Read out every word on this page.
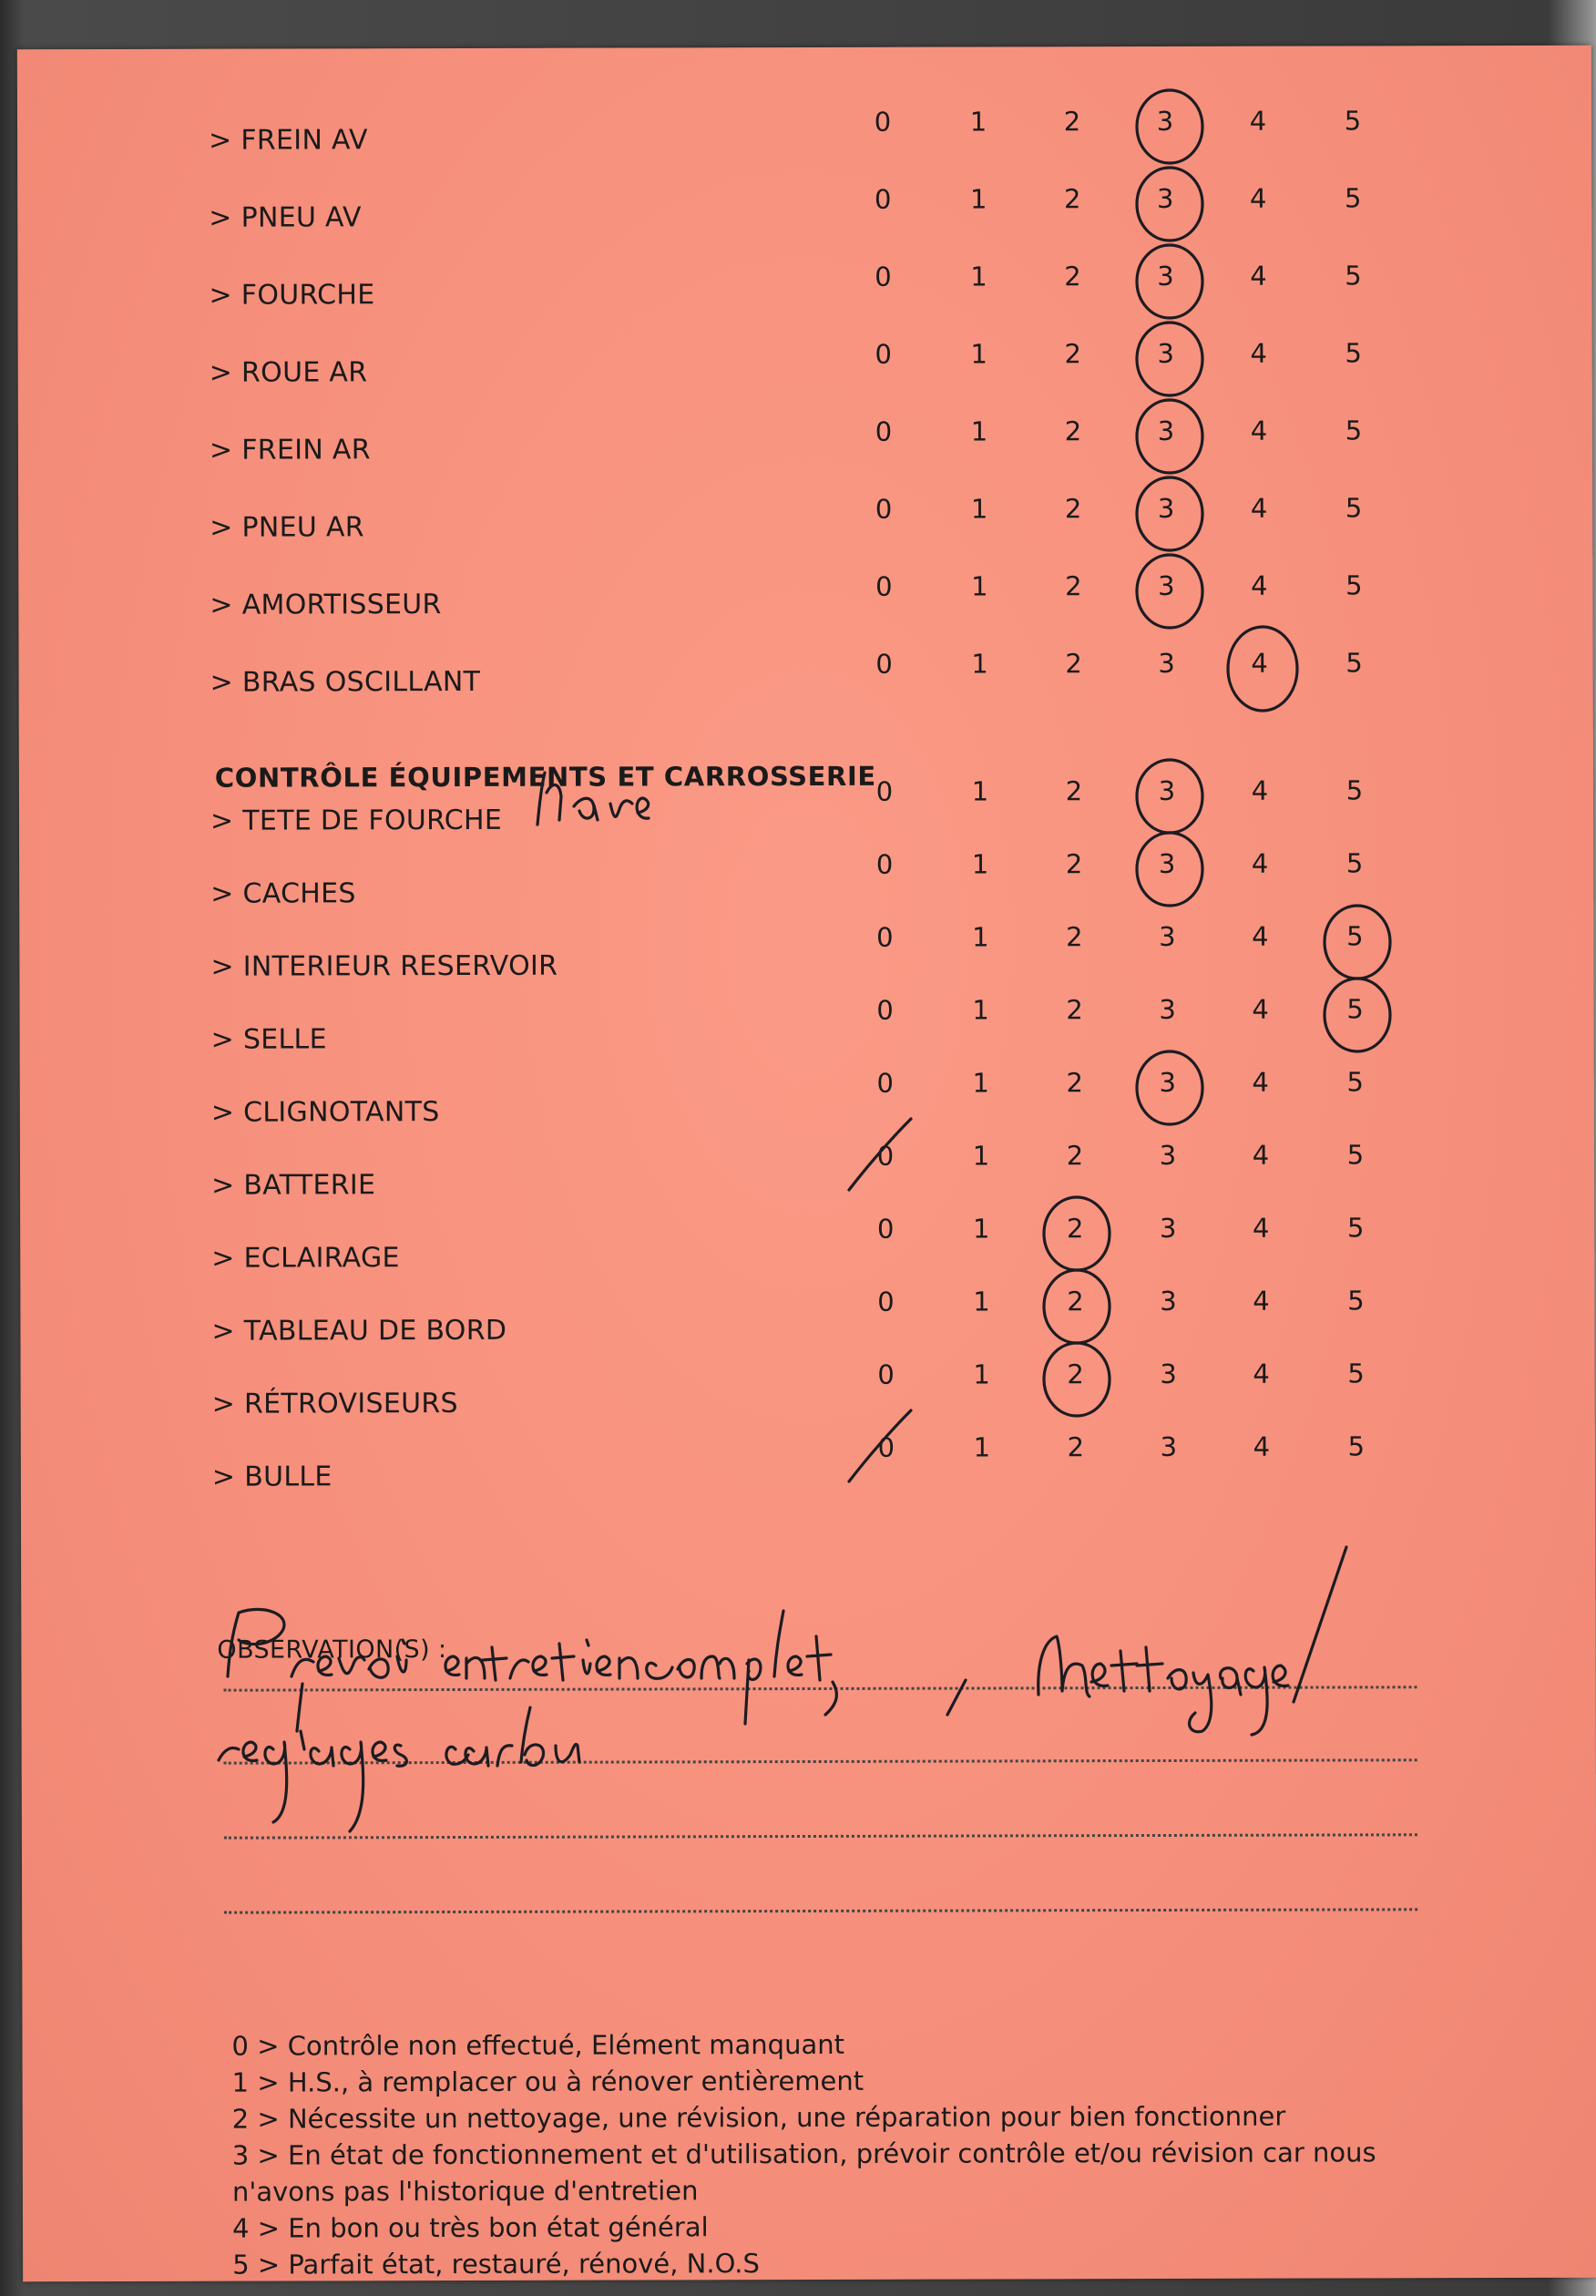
> FREIN AV
0	1	2	3	4	5
> PNEU AV
0	1	2	3	4	5
> FOURCHE
0	1	2	3	4	5
> ROUE AR
0	1	2	3	4	5
> FREIN AR
0	1	2	3	4	5
> PNEU AR
0	1	2	3	4	5
> AMORTISSEUR
0	1	2	3	4	5
> BRAS OSCILLANT
0	1	2	3	4	5
> TETE DE FOURCHE
0	1	2	3	4	5
> CACHES
0	1	2	3	4	5
> INTERIEUR RESERVOIR
0	1	2	3	4	5
> SELLE
0	1	2	3	4	5
> CLIGNOTANTS
0	1	2	3	4	5
> BATTERIE
0	1	2	3	4	5
> ECLAIRAGE
0	1	2	3	4	5
> TABLEAU DE BORD
0	1	2	3	4	5
> RÉTROVISEURS
0	1	2	3	4	5
> BULLE
0	1	2	3	4	5
CONTRÔLE ÉQUIPEMENTS ET CARROSSERIE
OBSERVATION(S) :
0 > Contrôle non effectué, Elément manquant
1 > H.S., à remplacer ou à rénover entièrement
2 > Nécessite un nettoyage, une révision, une réparation pour bien fonctionner
3 > En état de fonctionnement et d'utilisation, prévoir contrôle et/ou révision car nous
n'avons pas l'historique d'entretien
4 > En bon ou très bon état général
5 > Parfait état, restauré, rénové, N.O.S
